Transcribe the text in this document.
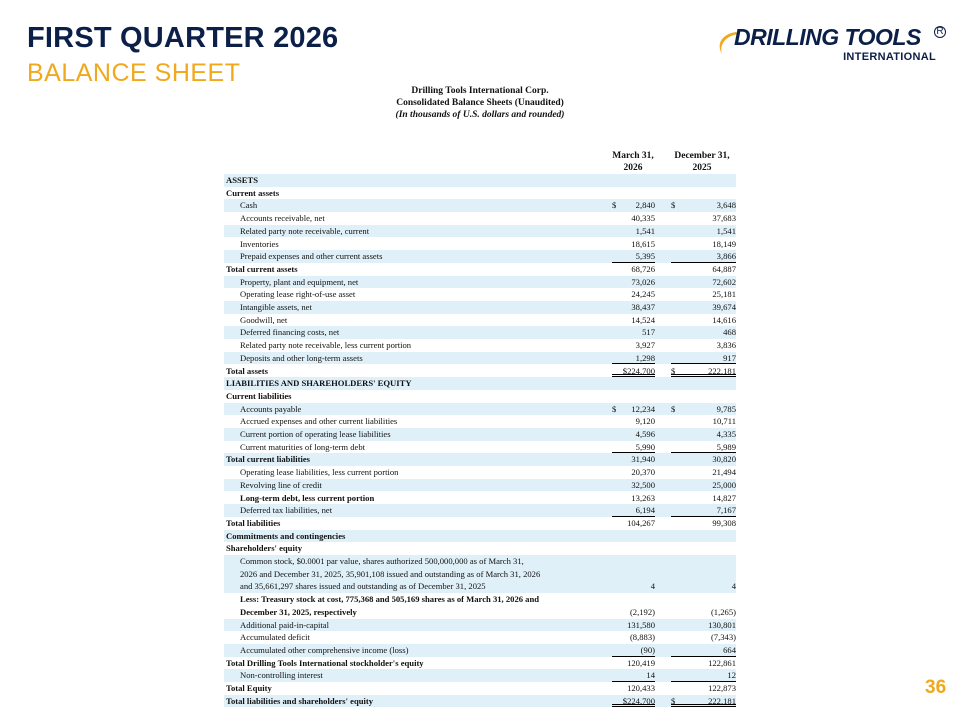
FIRST QUARTER 2026
BALANCE SHEET
DRILLING TOOLS R
INTERNATIONAL
Drilling Tools International Corp.
Consolidated Balance Sheets (Unaudited)
(In thousands of U.S. dollars and rounded)
March 31,
2026
December 31,
2025
ASSETS
Current assets
Cash	$ 2,840 $	3,648
Accounts receivable, net	40,335	37,683
Related party note receivable, current	1,541	1,541
Inventories	18,615	18,149
Prepaid expenses and other current assets	5,395	3,866
Total current assets	68,726	64,887
Property, plant and equipment, net	73,026	72,602
Operating lease right-of-use asset	24,245	25,181
Intangible assets, net	38,437	39,674
Goodwill, net	14,524	14,616
Deferred financing costs, net	517	468
Related party note receivable, less current portion	3,927	3,836
Deposits and other long-term assets	1,298	917
Total assets	$224,700 $	222,181
LIABILITIES AND SHAREHOLDERS' EQUITY
Current liabilities
Accounts payable	$ 12,234 $	9,785
Accrued expenses and other current liabilities	9,120	10,711
Current portion of operating lease liabilities	4,596	4,335
Current maturities of long-term debt	5,990	5,989
Total current liabilities	31,940	30,820
Operating lease liabilities, less current portion	20,370	21,494
Revolving line of credit	32,500	25,000
Long-term debt, less current portion	13,263	14,827
Deferred tax liabilities, net	6,194	7,167
Total liabilities	104,267	99,308
Commitments and contingencies
Shareholders' equity
Common stock, $0.0001 par value, shares authorized 500,000,000 as of March 31,
2026 and December 31, 2025, 35,901,108 issued and outstanding as of March 31, 2026
and 35,661,297 shares issued and outstanding as of December 31, 2025	4	4
Less: Treasury stock at cost, 775,368 and 505,169 shares as of March 31, 2026 and
December 31, 2025, respectively	(2,192)	(1,265)
Additional paid-in-capital	131,580	130,801
Accumulated deficit	(8,883)	(7,343)
Accumulated other comprehensive income (loss)	(90)	664
Total Drilling Tools International stockholder's equity	120,419	122,861
Non-controlling interest	14	12
Total Equity	120,433	122,873
Total liabilities and shareholders' equity	$224,700 $	222,181
36
